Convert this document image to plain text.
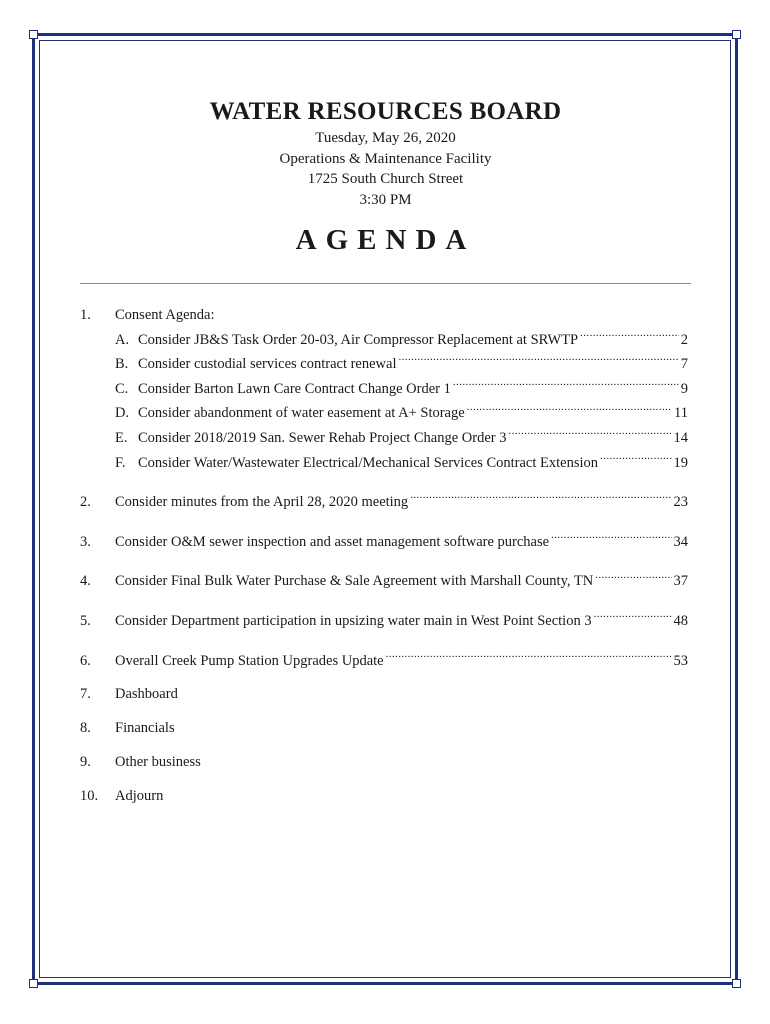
WATER RESOURCES BOARD

Tuesday, May 26, 2020

Operations & Maintenance Facility

1725 South Church Street

3:30 PM

AGENDA

1.	Consent Agenda:
A. Consider JB&S Task Order 20-03, Air Compressor Replacement at SRWTP .....	2
B. Consider custodial services contract renewal .....	7
C. Consider Barton Lawn Care Contract Change Order 1 .....	9
D. Consider abandonment of water easement at A+ Storage .....	11
E. Consider 2018/2019 San. Sewer Rehab Project Change Order 3 .....	14
F. Consider Water/Wastewater Electrical/Mechanical Services Contract Extension .....	19
2.	Consider minutes from the April 28, 2020 meeting .....	23
3.	Consider O&M sewer inspection and asset management software purchase .....	34
4.	Consider Final Bulk Water Purchase & Sale Agreement with Marshall County, TN .....	37
5.	Consider Department participation in upsizing water main in West Point Section 3 .....	48
6.	Overall Creek Pump Station Upgrades Update .....	53
7.	Dashboard
8.	Financials
9.	Other business
10.	Adjourn
